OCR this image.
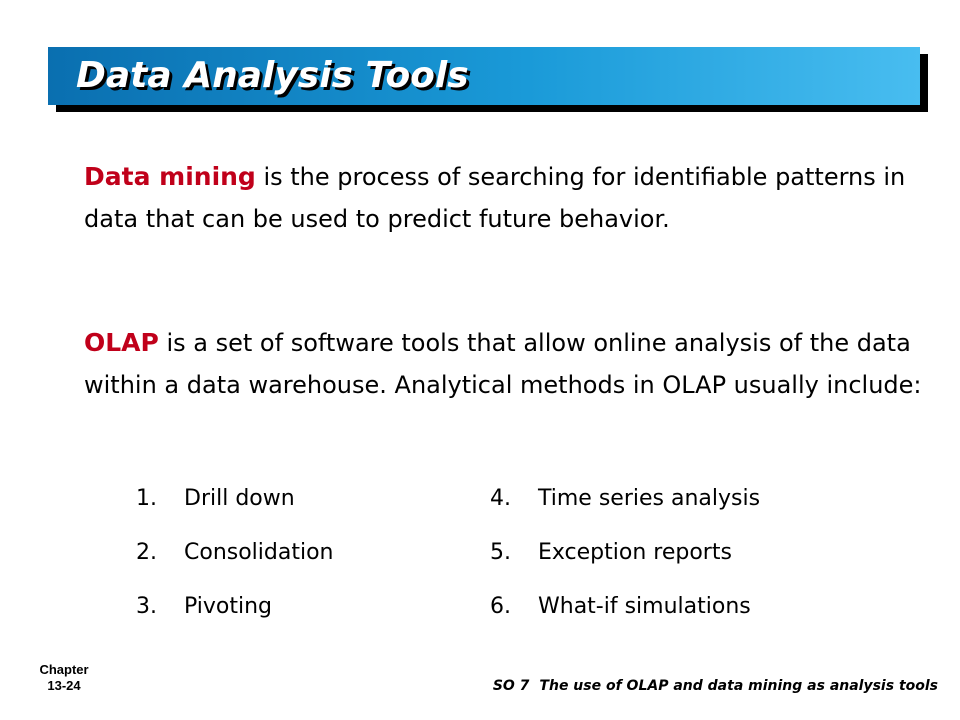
Data Analysis Tools

Data mining is the process of searching for identifiable patterns in data that can be used to predict future behavior.

OLAP is a set of software tools that allow online analysis of the data within a data warehouse. Analytical methods in OLAP usually include:

1. Drill down
2. Consolidation
3. Pivoting
4. Time series analysis
5. Exception reports
6. What-if simulations
Chapter
13-24	SO 7 The use of OLAP and data mining as analysis tools
